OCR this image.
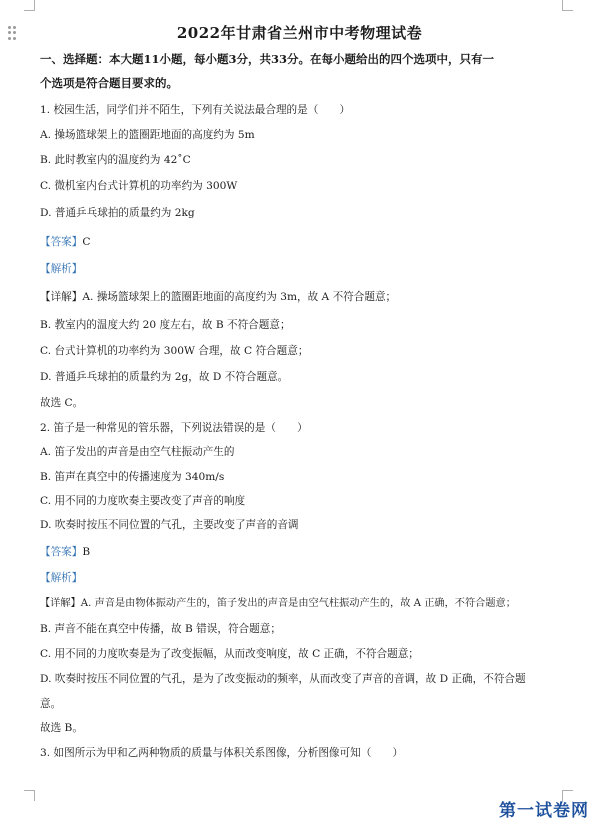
2022年甘肃省兰州市中考物理试卷
一、选择题：本大题11小题，每小题3分，共33分。在每小题给出的四个选项中，只有一
个选项是符合题目要求的。
1. 校园生活，同学们并不陌生，下列有关说法最合理的是（　　）
A. 操场篮球架上的篮圈距地面的高度约为 5m
B. 此时教室内的温度约为 42˚C
C. 微机室内台式计算机的功率约为 300W
D. 普通乒乓球拍的质量约为 2kg
【答案】C
【解析】
【详解】A. 操场篮球架上的篮圈距地面的高度约为 3m，故 A 不符合题意；
B. 教室内的温度大约 20 度左右，故 B 不符合题意；
C. 台式计算机的功率约为 300W 合理，故 C 符合题意；
D. 普通乒乓球拍的质量约为 2g，故 D 不符合题意。
故选 C。
2. 笛子是一种常见的管乐器，下列说法错误的是（　　）
A. 笛子发出的声音是由空气柱振动产生的
B. 笛声在真空中的传播速度为 340m/s
C. 用不同的力度吹奏主要改变了声音的响度
D. 吹奏时按压不同位置的气孔，主要改变了声音的音调
【答案】B
【解析】
【详解】A. 声音是由物体振动产生的，笛子发出的声音是由空气柱振动产生的，故 A 正确，不符合题意；
B. 声音不能在真空中传播，故 B 错误，符合题意；
C. 用不同的力度吹奏是为了改变振幅，从而改变响度，故 C 正确，不符合题意；
D. 吹奏时按压不同位置的气孔，是为了改变振动的频率，从而改变了声音的音调，故 D 正确，不符合题
意。
故选 B。
3. 如图所示为甲和乙两种物质的质量与体积关系图像，分析图像可知（　　）
第一试卷网
